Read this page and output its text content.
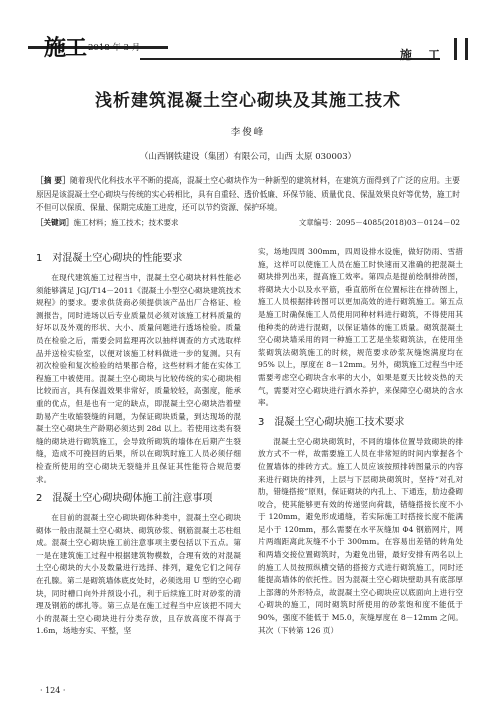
施工 2018 年 3 月	施 工
浅析建筑混凝土空心砌块及其施工技术
李俊峰
（山西钢铁建设（集团）有限公司，山西 太原 030003）
［摘 要］随着现代化科技水平不断的提高，混凝土空心砌块作为一种新型的建筑材料，在建筑方面得到了广泛的应用。主要原因是该混凝土空心砌块与传统的实心砖相比，具有自重轻、透价低廉、环保节能、质量优良、保温效果良好等优势，施工时不但可以保质、保量、保期完成施工进度，还可以节约资源、保护环境。
［关键词］施工材料；施工技术；技术要求	文章编号：2095－4085(2018)03－0124－02
1　对混凝土空心砌块的性能要求

在现代建筑施工过程当中，混凝土空心砌块材料性能必须能够满足 JGJ/T14－2011《混凝土小型空心砌块建筑技术规程》的要求。要求供货商必须提供该产品出厂合格证、检测报告，同时进场以后专业质量员必须对该施工材料质量的好坏以及外观的形状、大小、质量问题进行透场检验。质量员在检验之后，需要会同监理再次以抽样调查的方式选取样品并送检实验室，以便对该施工材料做进一步的复测。只有初次检验和复次检验的结果都合格，这些材料才能在实体工程施工中被使用。混凝土空心砌块与比较传统的实心砌块相比较而言，具有保温效果非常好，质量较轻，高强度，能承重的优点，但是也有一定的缺点，即混凝土空心砌块浩着壁助易产生收缩裂缝的问题，为保证砌块质量，到达现场的混凝土空心砌块生产龄期必须达到 28d 以上。若使用这类有裂缝的砌块进行砌筑施工，会导致所砌筑的墙体在后期产生裂缝，造成不可挽回的后果，所以在砌筑时施工人员必须仔细检查所使用的空心砌块无裂缝并且保证其性能符合规范要求。

2　混凝土空心砌块砌体施工前注意事项

在目前的混凝土空心砌块砌体种类中，混凝土空心砌块砌体一般由混凝土空心砌块、砌筑砂浆、钢筋混凝土芯柱组成。混凝土空心砌块施工前注意事项主要包括以下五点。第一是在建筑施工过程中根据建筑物模数，合理有效的对混凝土空心砌块的大小及数量进行选择、排列，避免它们之间存在孔腺。第二是砌筑墙体底皮处时，必须选用 U 型的空心砌块，同时槽口向外并预设小孔，利于后续施工时对砂浆的清理及钢筋的绑扎等。第三点是在施工过程当中应该把不同大小的混凝土空心砌块进行分类存放，且存放高度不得高于 1.6m，场地夯实、平整，坚

实，场地四周 300mm，四周设排水设施，做好防雨、雪措施，这样可以使施工人员在施工时快速而又准确的把混凝土砌块排列出来，提高施工效率。第四点是提前绘制排砖图，将砌块大小以及水平筋，垂直筋所在位置标注在排砖图上，施工人员根据排砖图可以更加高效的进行砌筑施工。第五点是施工时确保施工人员使用同种材料进行砌筑，不得使用其他种类的砖进行混砌，以保证墙体的施工质量。砌筑混凝土空心砌块墙采用的同一种施工工艺是坐浆砌筑法，在使用坐浆砌筑法砌筑施工的时候，规范要求砂浆灰缝饱满度均在 95% 以上，厚度在 8－12mm。另外，砌筑施工过程当中还需要考虑空心砌块含水率的大小，如果是夏天比较炎热的天气，需要对空心砌块进行洒水养护，来保障空心砌块的含水率。

3　混凝土空心砌块施工技术要求

混凝土空心砌块砌筑时，不同的墙体位置导致砌块的排放方式不一样，故需要施工人员在非常短的时间内掌握各个位置墙体的排砖方式。施工人员应该按照排砖图量示的内容来进行砌块的排列，上层与下层砌块砌筑时，坚持“对孔对肋，错缝搭接”原则，保证砌块的内孔上、下通连，肋边叠砌咬合，使其能够更有效的传递竖向荷载，错缝搭接长度不小于 120mm，避免形成通缝，若实际施工时搭接长度不能满足小于 120mm，那么需要在水平灰缝加 Φ4 钢筋网片，网片两端距离此灰缝不小于 300mm。在容易出差错的转角处和两墙交接位置砌筑时，为避免出错，最好安排有两名以上的施工人员按照纵横交错的搭接方式进行砌筑施工，同时还能提高墙体的依托性。因为混凝土空心砌块壁助具有底部厚上部薄的外形特点，故混凝土空心砌块应以底面向上进行空心砌块的施工，同时砌筑时所使用的砂浆饱和度不能低于 90%，强度不能低于 M5.0，灰缝厚度在 8－12mm 之间。其次（下转第 126 页）

· 124 ·
